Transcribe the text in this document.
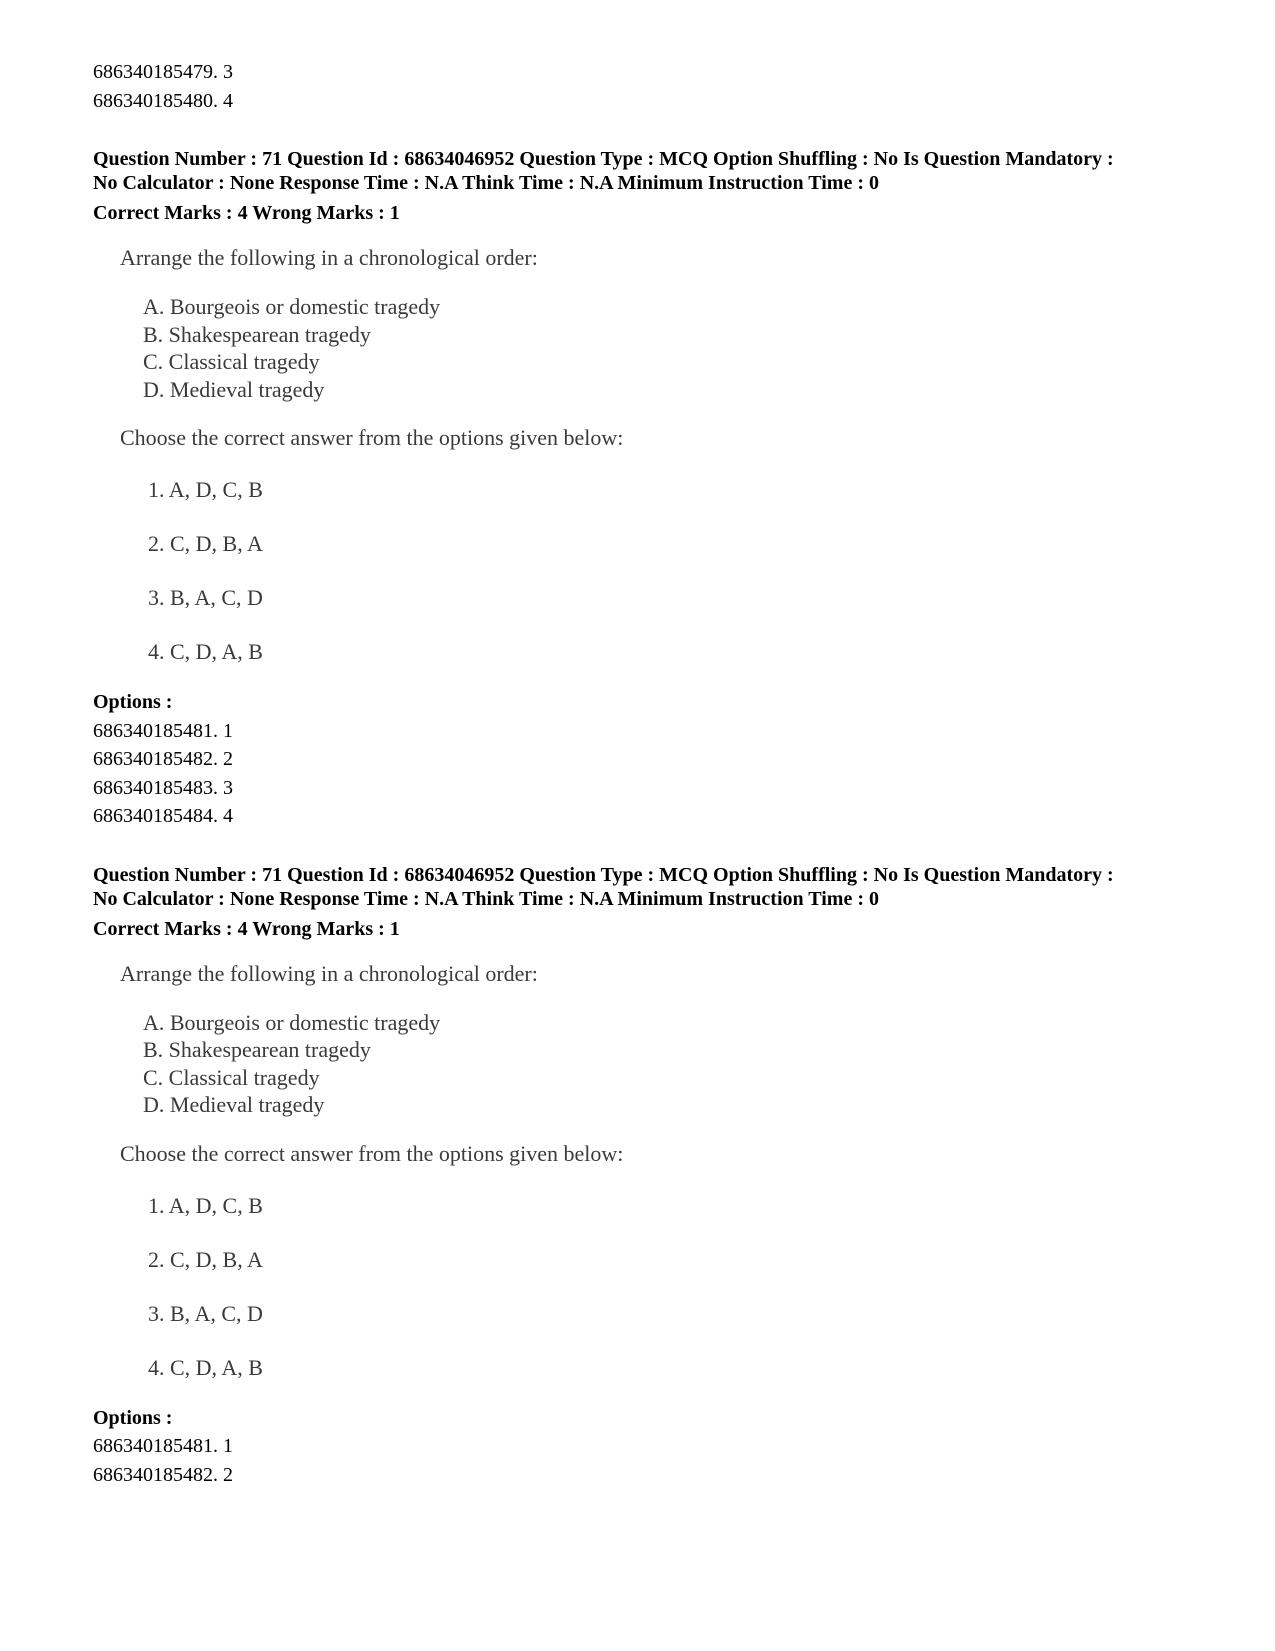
686340185479. 3
686340185480. 4
Question Number : 71 Question Id : 68634046952 Question Type : MCQ Option Shuffling : No Is Question Mandatory :
No Calculator : None Response Time : N.A Think Time : N.A Minimum Instruction Time : 0
Correct Marks : 4 Wrong Marks : 1
Arrange the following in a chronological order:
A. Bourgeois or domestic tragedy
B. Shakespearean tragedy
C. Classical tragedy
D. Medieval tragedy
Choose the correct answer from the options given below:
1. A, D, C, B
2. C, D, B, A
3. B, A, C, D
4. C, D, A, B
Options :
686340185481. 1
686340185482. 2
686340185483. 3
686340185484. 4
Question Number : 71 Question Id : 68634046952 Question Type : MCQ Option Shuffling : No Is Question Mandatory :
No Calculator : None Response Time : N.A Think Time : N.A Minimum Instruction Time : 0
Correct Marks : 4 Wrong Marks : 1
Arrange the following in a chronological order:
A. Bourgeois or domestic tragedy
B. Shakespearean tragedy
C. Classical tragedy
D. Medieval tragedy
Choose the correct answer from the options given below:
1. A, D, C, B
2. C, D, B, A
3. B, A, C, D
4. C, D, A, B
Options :
686340185481. 1
686340185482. 2
